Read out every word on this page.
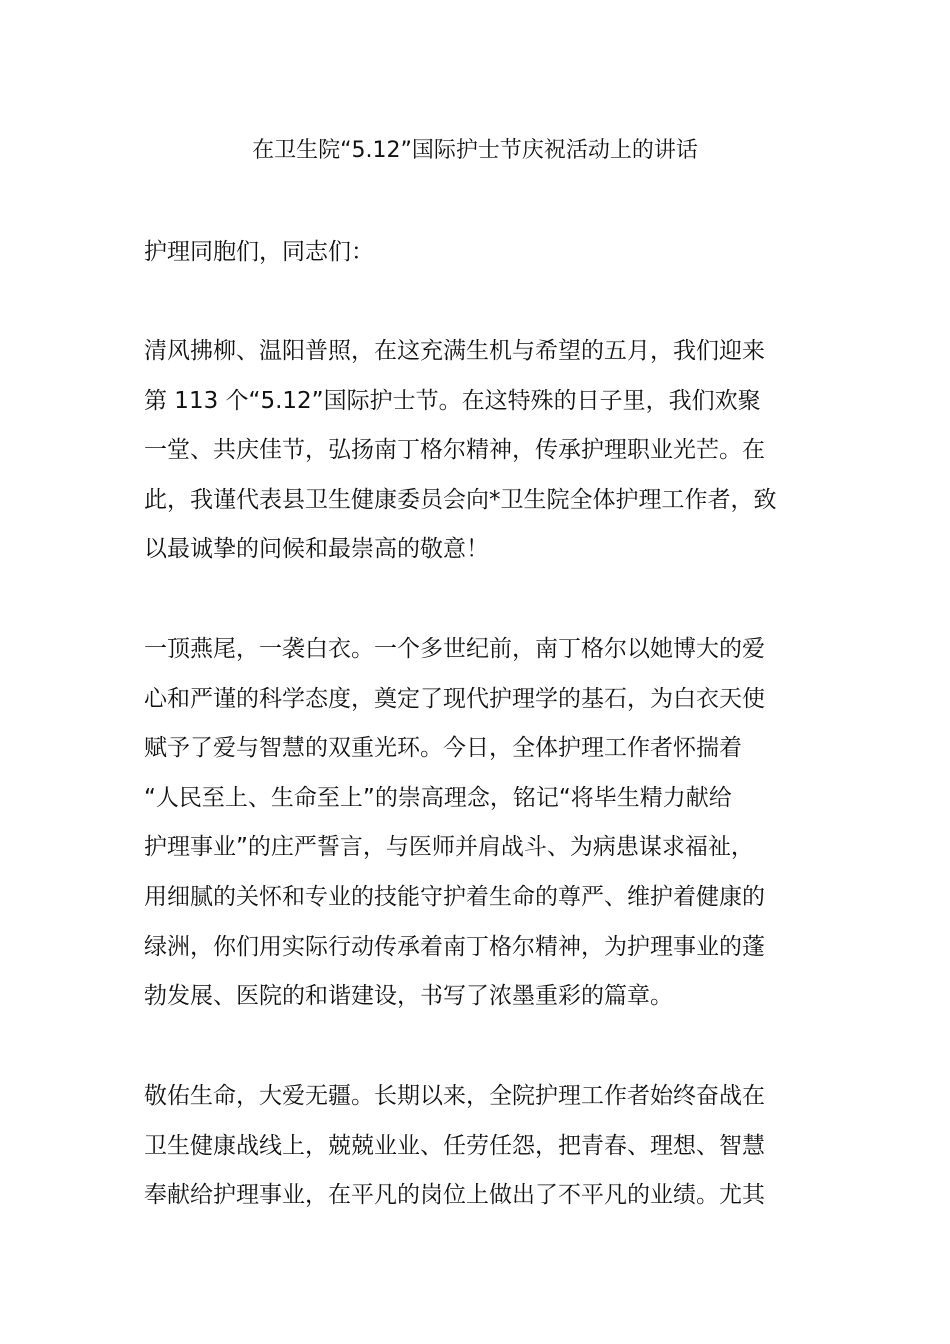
在卫生院“5.12”国际护士节庆祝活动上的讲话
护理同胞们，同志们：
清风拂柳、温阳普照，在这充满生机与希望的五月，我们迎来
第 113 个“5.12”国际护士节。在这特殊的日子里，我们欢聚
一堂、共庆佳节，弘扬南丁格尔精神，传承护理职业光芒。在
此，我谨代表县卫生健康委员会向*卫生院全体护理工作者，致
以最诚挚的问候和最崇高的敬意！
一顶燕尾，一袭白衣。一个多世纪前，南丁格尔以她博大的爱
心和严谨的科学态度，奠定了现代护理学的基石，为白衣天使
赋予了爱与智慧的双重光环。今日，全体护理工作者怀揣着
“人民至上、生命至上”的崇高理念，铭记“将毕生精力献给
护理事业”的庄严誓言，与医师并肩战斗、为病患谋求福祉，
用细腻的关怀和专业的技能守护着生命的尊严、维护着健康的
绿洲，你们用实际行动传承着南丁格尔精神，为护理事业的蓬
勃发展、医院的和谐建设，书写了浓墨重彩的篇章。
敬佑生命，大爱无疆。长期以来，全院护理工作者始终奋战在
卫生健康战线上，兢兢业业、任劳任怨，把青春、理想、智慧
奉献给护理事业，在平凡的岗位上做出了不平凡的业绩。尤其
